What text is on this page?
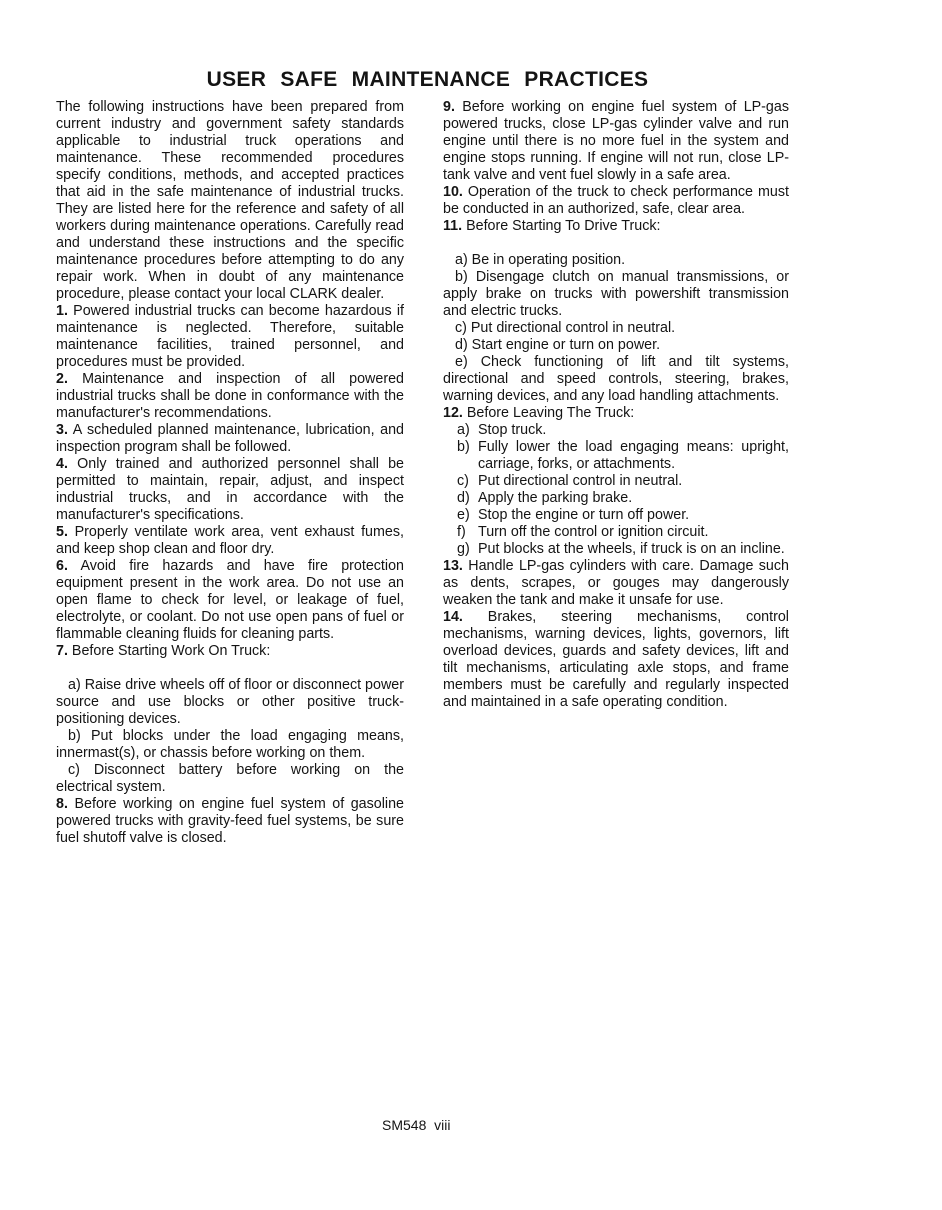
USER SAFE MAINTENANCE PRACTICES

The following instructions have been prepared from current industry and government safety standards applicable to industrial truck operations and maintenance. These recommended procedures specify conditions, methods, and accepted practices that aid in the safe maintenance of industrial trucks. They are listed here for the reference and safety of all workers during maintenance operations. Carefully read and understand these instructions and the specific maintenance procedures before attempting to do any repair work. When in doubt of any maintenance procedure, please contact your local CLARK dealer.

1. Powered industrial trucks can become hazardous if maintenance is neglected. Therefore, suitable maintenance facilities, trained personnel, and procedures must be provided.

2. Maintenance and inspection of all powered industrial trucks shall be done in conformance with the manufacturer's recommendations.

3. A scheduled planned maintenance, lubrication, and inspection program shall be followed.

4. Only trained and authorized personnel shall be permitted to maintain, repair, adjust, and inspect industrial trucks, and in accordance with the manufacturer's specifications.

5. Properly ventilate work area, vent exhaust fumes, and keep shop clean and floor dry.

6. Avoid fire hazards and have fire protection equipment present in the work area. Do not use an open flame to check for level, or leakage of fuel, electrolyte, or coolant. Do not use open pans of fuel or flammable cleaning fluids for cleaning parts.

7. Before Starting Work On Truck:

a) Raise drive wheels off of floor or disconnect power source and use blocks or other positive truck-positioning devices.

b) Put blocks under the load engaging means, innermast(s), or chassis before working on them.

c) Disconnect battery before working on the electrical system.

8. Before working on engine fuel system of gasoline powered trucks with gravity-feed fuel systems, be sure fuel shutoff valve is closed.

9. Before working on engine fuel system of LP-gas powered trucks, close LP-gas cylinder valve and run engine until there is no more fuel in the system and engine stops running. If engine will not run, close LP-tank valve and vent fuel slowly in a safe area.

10. Operation of the truck to check performance must be conducted in an authorized, safe, clear area.

11. Before Starting To Drive Truck:

a) Be in operating position.

b) Disengage clutch on manual transmissions, or apply brake on trucks with powershift transmission and electric trucks.

c) Put directional control in neutral.

d) Start engine or turn on power.

e) Check functioning of lift and tilt systems, directional and speed controls, steering, brakes, warning devices, and any load handling attachments.

12. Before Leaving The Truck:

a) Stop truck.
b) Fully lower the load engaging means: upright, carriage, forks, or attachments.
c) Put directional control in neutral.
d) Apply the parking brake.
e) Stop the engine or turn off power.
f) Turn off the control or ignition circuit.
g) Put blocks at the wheels, if truck is on an incline.

13. Handle LP-gas cylinders with care. Damage such as dents, scrapes, or gouges may dangerously weaken the tank and make it unsafe for use.

14. Brakes, steering mechanisms, control mechanisms, warning devices, lights, governors, lift overload devices, guards and safety devices, lift and tilt mechanisms, articulating axle stops, and frame members must be carefully and regularly inspected and maintained in a safe operating condition.

SM548 viii
